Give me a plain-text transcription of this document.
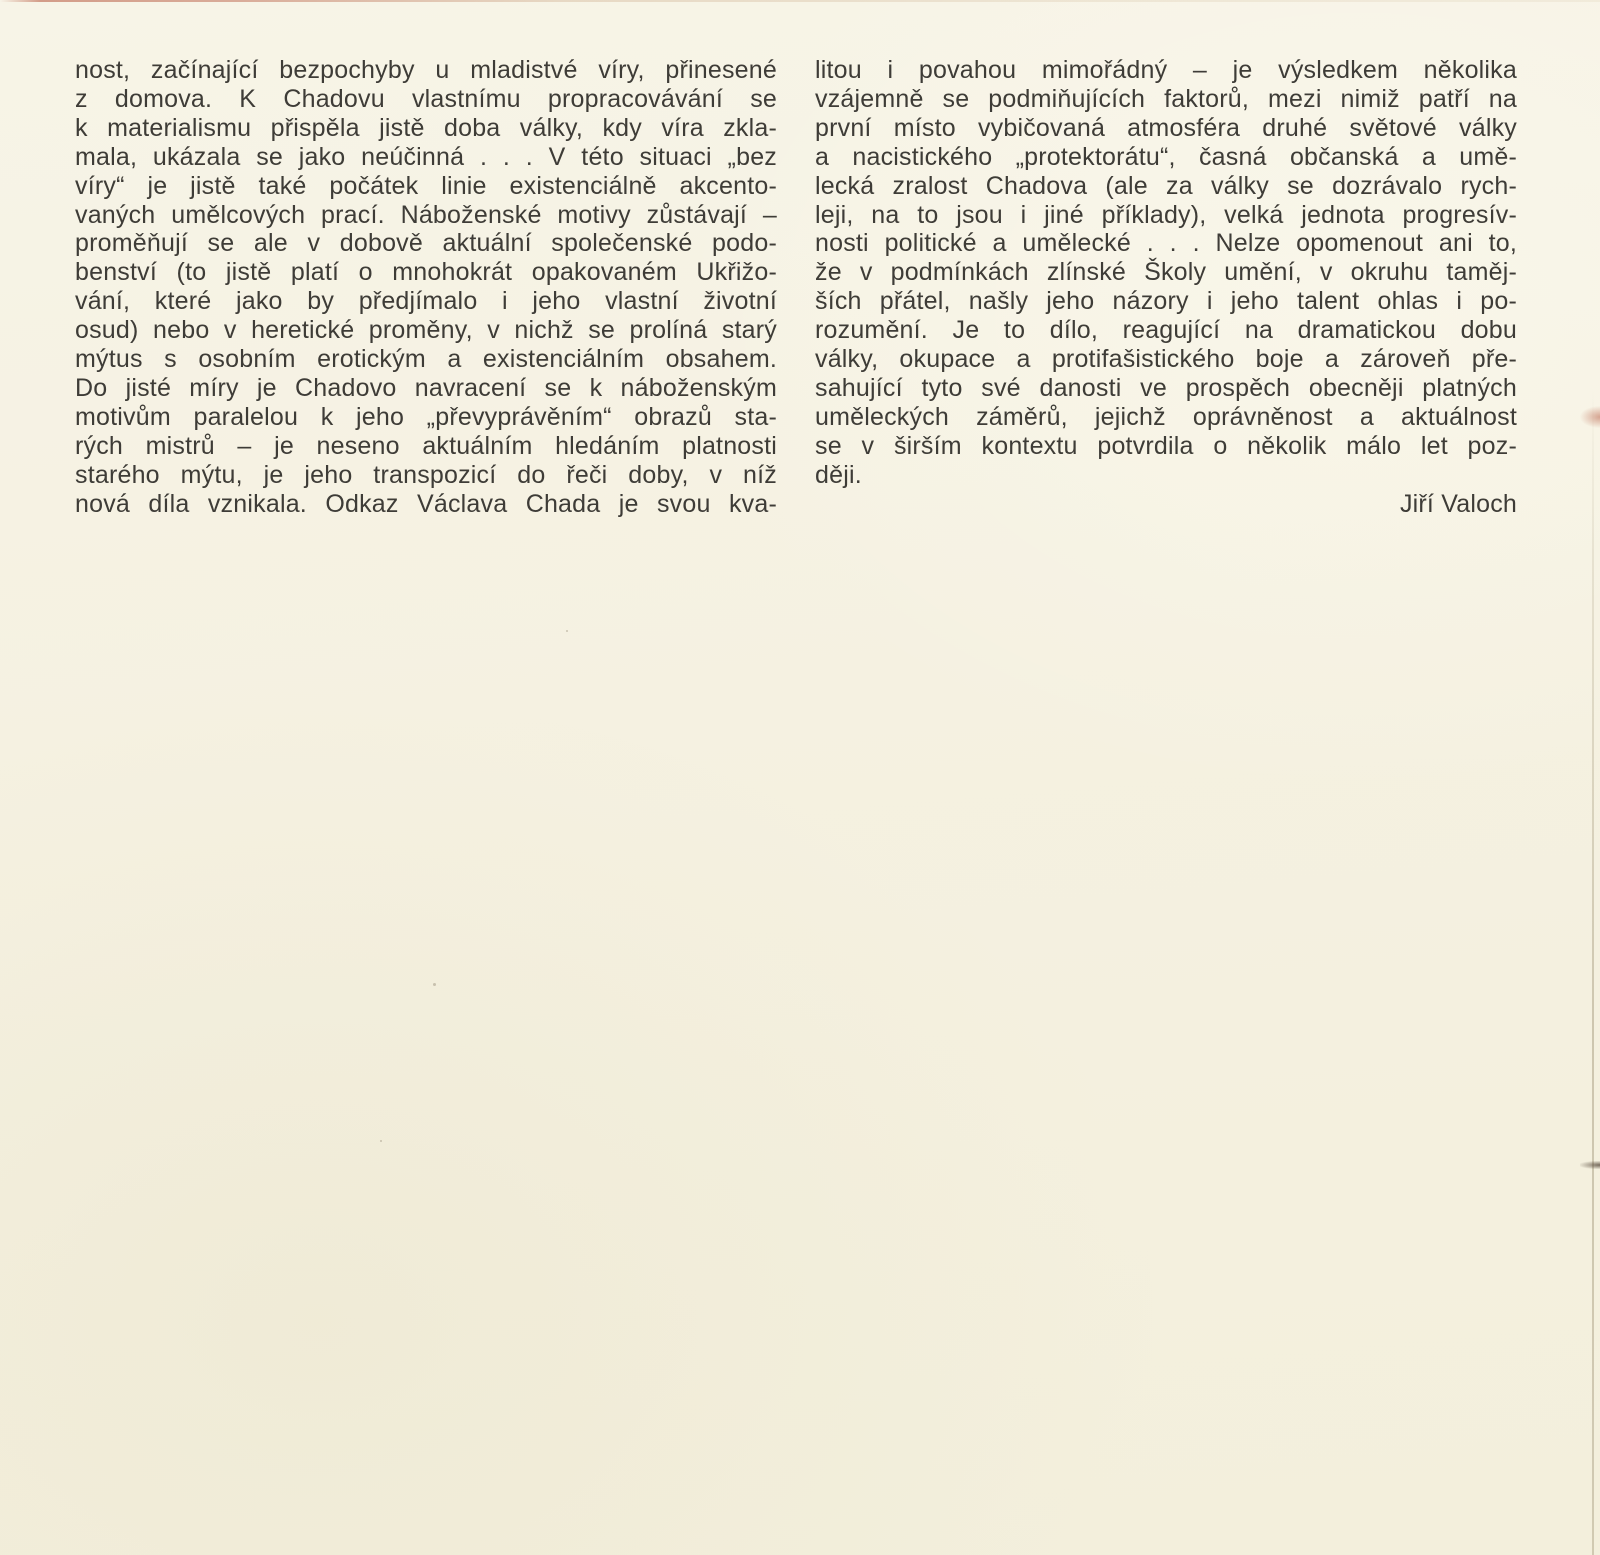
nost, začínající bezpochyby u mladistvé víry, přinesené
z domova. K Chadovu vlastnímu propracovávání se
k materialismu přispěla jistě doba války, kdy víra zkla-
mala, ukázala se jako neúčinná . . . V této situaci „bez
víry“ je jistě také počátek linie existenciálně akcento-
vaných umělcových prací. Náboženské motivy zůstávají –
proměňují se ale v dobově aktuální společenské podo-
benství (to jistě platí o mnohokrát opakovaném Ukřižo-
vání, které jako by předjímalo i jeho vlastní životní
osud) nebo v heretické proměny, v nichž se prolíná starý
mýtus s osobním erotickým a existenciálním obsahem.
Do jisté míry je Chadovo navracení se k náboženským
motivům paralelou k jeho „převyprávěním“ obrazů sta-
rých mistrů – je neseno aktuálním hledáním platnosti
starého mýtu, je jeho transpozicí do řeči doby, v níž
nová díla vznikala. Odkaz Václava Chada je svou kva-
litou i povahou mimořádný – je výsledkem několika
vzájemně se podmiňujících faktorů, mezi nimiž patří na
první místo vybičovaná atmosféra druhé světové války
a nacistického „protektorátu“, časná občanská a umě-
lecká zralost Chadova (ale za války se dozrávalo rych-
leji, na to jsou i jiné příklady), velká jednota progresív-
nosti politické a umělecké . . . Nelze opomenout ani to,
že v podmínkách zlínské Školy umění, v okruhu taměj-
ších přátel, našly jeho názory i jeho talent ohlas i po-
rozumění. Je to dílo, reagující na dramatickou dobu
války, okupace a protifašistického boje a zároveň pře-
sahující tyto své danosti ve prospěch obecněji platných
uměleckých záměrů, jejichž oprávněnost a aktuálnost
se v širším kontextu potvrdila o několik málo let poz-
ději.
Jiří Valoch
